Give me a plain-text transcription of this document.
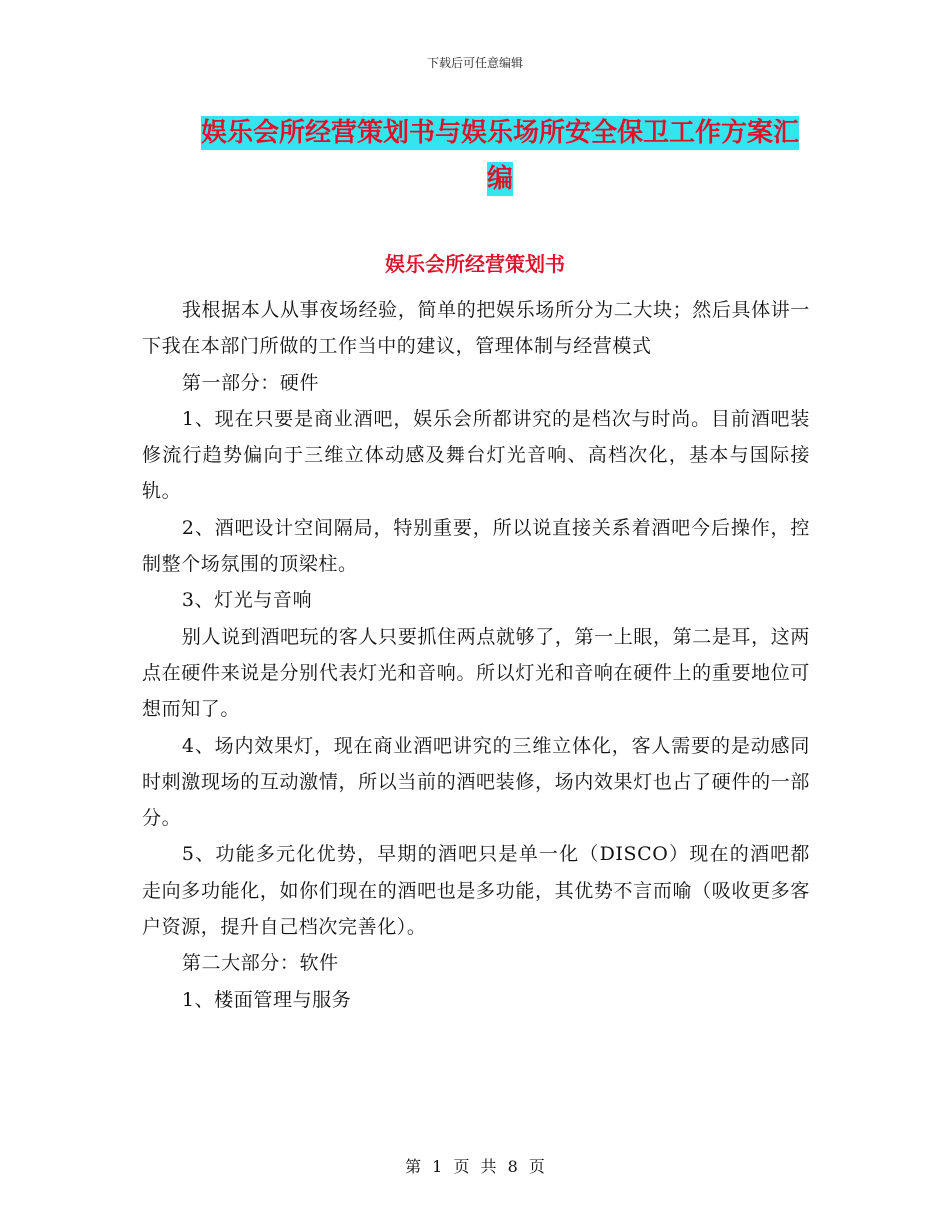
下载后可任意编辑
娱乐会所经营策划书与娱乐场所安全保卫工作方案汇编
娱乐会所经营策划书

我根据本人从事夜场经验，简单的把娱乐场所分为二大块；然后具体讲一下我在本部门所做的工作当中的建议，管理体制与经营模式

第一部分：硬件

1、现在只要是商业酒吧，娱乐会所都讲究的是档次与时尚。目前酒吧装修流行趋势偏向于三维立体动感及舞台灯光音响、高档次化，基本与国际接轨。

2、酒吧设计空间隔局，特别重要，所以说直接关系着酒吧今后操作，控制整个场氛围的顶梁柱。

3、灯光与音响

别人说到酒吧玩的客人只要抓住两点就够了，第一上眼，第二是耳，这两点在硬件来说是分别代表灯光和音响。所以灯光和音响在硬件上的重要地位可想而知了。

4、场内效果灯，现在商业酒吧讲究的三维立体化，客人需要的是动感同时刺激现场的互动激情，所以当前的酒吧装修，场内效果灯也占了硬件的一部分。

5、功能多元化优势，早期的酒吧只是单一化（DISCO）现在的酒吧都走向多功能化，如你们现在的酒吧也是多功能，其优势不言而喻（吸收更多客户资源，提升自己档次完善化）。

第二大部分：软件

1、楼面管理与服务

第 1 页 共 8 页
